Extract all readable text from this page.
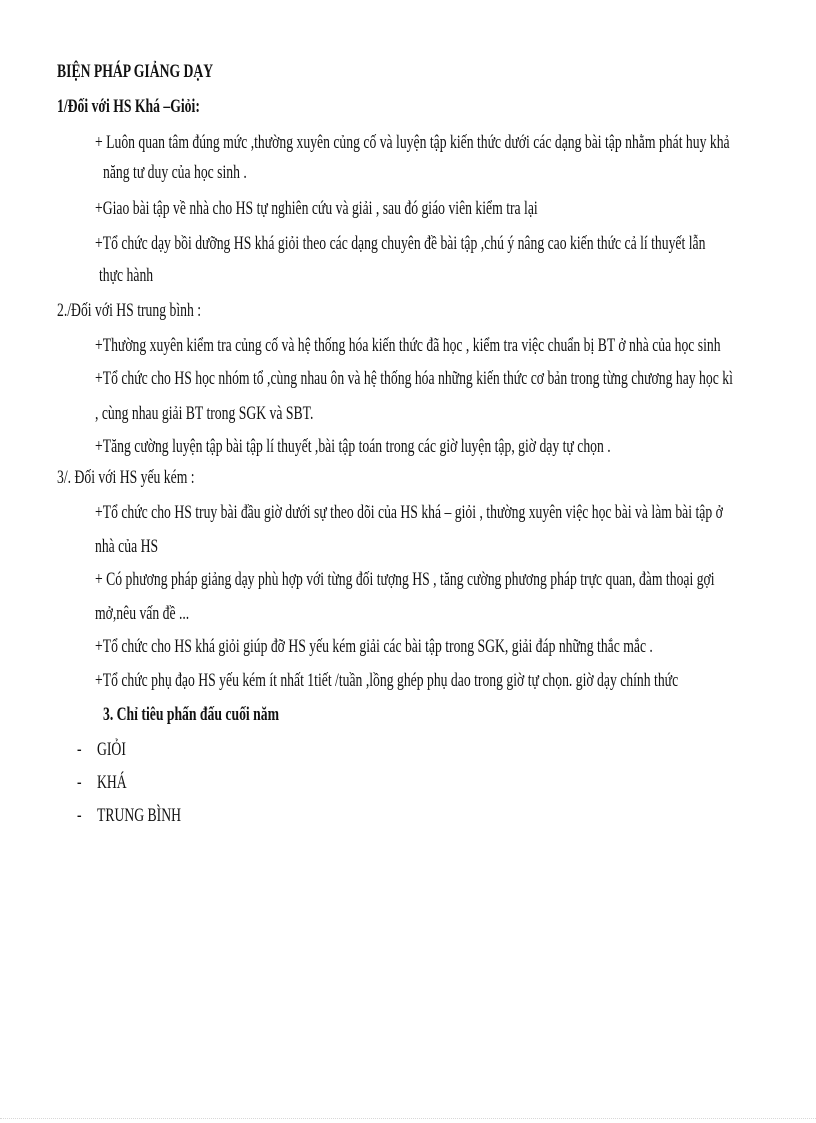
BIỆN PHÁP GIẢNG DẠY
1/Đối với HS Khá –Giỏi:
+ Luôn quan tâm đúng mức ,thường xuyên củng cố và luyện tập kiến thức dưới các dạng bài tập nhằm phát huy khả
năng tư duy của học sinh .
+Giao bài tập về nhà cho HS tự nghiên cứu và giải , sau đó giáo viên kiểm tra lại
+Tổ chức dạy bồi dưỡng HS khá giỏi theo các dạng chuyên đề bài tập ,chú ý nâng cao kiến thức cả lí thuyết lẫn
thực hành
2./Đối với HS trung bình :
+Thường xuyên kiểm tra củng cố và hệ thống hóa kiến thức đã học , kiểm tra việc chuẩn bị BT ở nhà của học sinh
+Tổ chức cho HS học nhóm tổ ,cùng nhau ôn và hệ thống hóa những kiến thức cơ bản trong từng chương hay học kì
, cùng nhau giải BT trong SGK và SBT.
+Tăng cường luyện tập bài tập lí thuyết ,bài tập toán trong các giờ luyện tập, giờ dạy tự chọn .
3/. Đối với HS yếu kém :
+Tổ chức cho HS truy bài đầu giờ dưới sự theo dõi của HS khá – giỏi , thường xuyên việc học bài và làm bài tập ở
nhà của HS
+ Có phương pháp giảng dạy phù hợp với từng đối tượng HS , tăng cường phương pháp trực quan, đàm thoại gợi
mở,nêu vấn đề ...
+Tổ chức cho HS khá giỏi giúp đỡ HS yếu kém giải các bài tập trong SGK, giải đáp những thắc mắc .
+Tổ chức phụ đạo HS yếu kém ít nhất 1tiết /tuần ,lồng ghép phụ dao trong giờ tự chọn. giờ dạy chính thức
3. Chỉ tiêu phấn đấu cuối năm
- GIỎI
- KHÁ
- TRUNG BÌNH
